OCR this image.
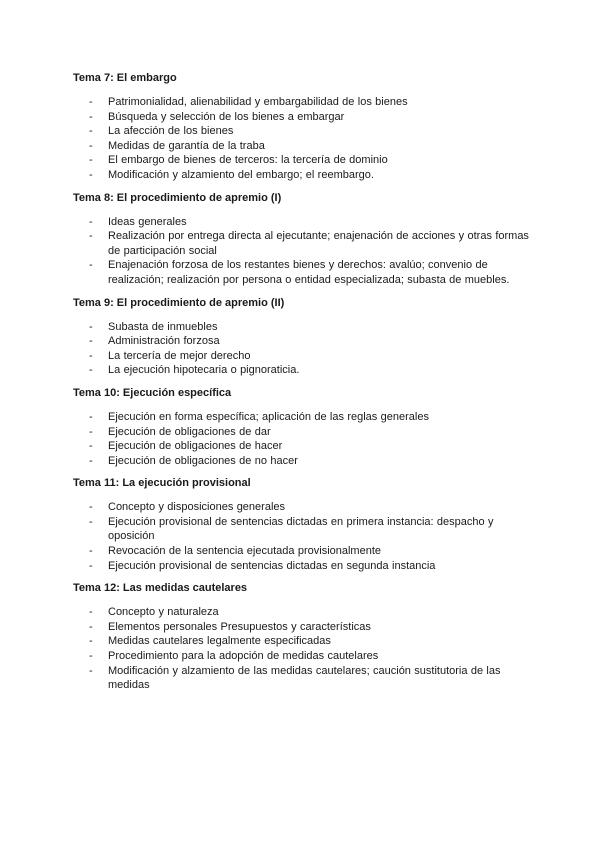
Tema 7: El embargo
- Patrimonialidad, alienabilidad y embargabilidad de los bienes
- Búsqueda y selección de los bienes a embargar
- La afección de los bienes
- Medidas de garantía de la traba
- El embargo de bienes de terceros: la tercería de dominio
- Modificación y alzamiento del embargo; el reembargo.
Tema 8: El procedimiento de apremio (I)
- Ideas generales
- Realización por entrega directa al ejecutante; enajenación de acciones y otras formas de participación social
- Enajenación forzosa de los restantes bienes y derechos: avalúo; convenio de realización; realización por persona o entidad especializada; subasta de muebles.
Tema 9: El procedimiento de apremio (II)
- Subasta de inmuebles
- Administración forzosa
- La tercería de mejor derecho
- La ejecución hipotecaria o pignoraticia.
Tema 10: Ejecución específica
- Ejecución en forma específica; aplicación de las reglas generales
- Ejecución de obligaciones de dar
- Ejecución de obligaciones de hacer
- Ejecución de obligaciones de no hacer
Tema 11: La ejecución provisional
- Concepto y disposiciones generales
- Ejecución provisional de sentencias dictadas en primera instancia: despacho y oposición
- Revocación de la sentencia ejecutada provisionalmente
- Ejecución provisional de sentencias dictadas en segunda instancia
Tema 12: Las medidas cautelares
- Concepto y naturaleza
- Elementos personales Presupuestos y características
- Medidas cautelares legalmente especificadas
- Procedimiento para la adopción de medidas cautelares
- Modificación y alzamiento de las medidas cautelares; caución sustitutoria de las medidas
